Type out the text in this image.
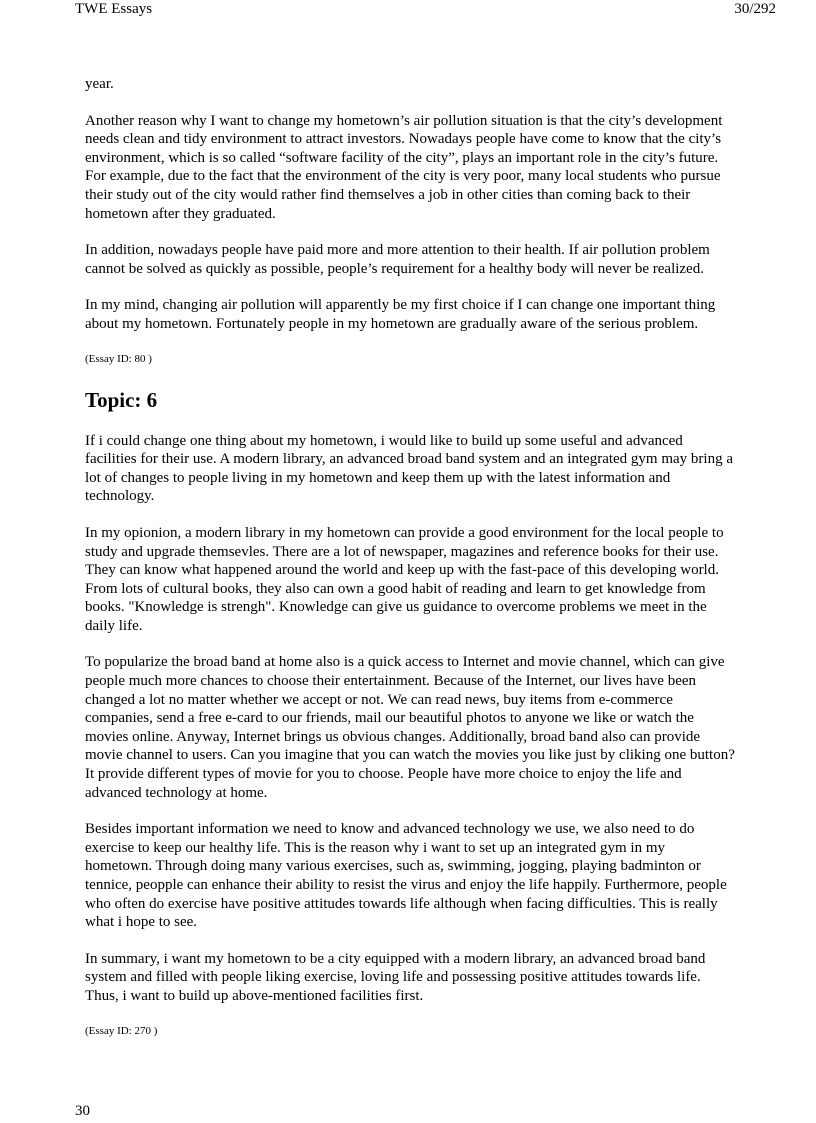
TWE Essays	30/292

year.

Another reason why I want to change my hometown’s air pollution situation is that the city’s development needs clean and tidy environment to attract investors. Nowadays people have come to know that the city’s environment, which is so called “software facility of the city”, plays an important role in the city’s future. For example, due to the fact that the environment of the city is very poor, many local students who pursue their study out of the city would rather find themselves a job in other cities than coming back to their hometown after they graduated.

In addition, nowadays people have paid more and more attention to their health. If air pollution problem cannot be solved as quickly as possible, people’s requirement for a healthy body will never be realized.

In my mind, changing air pollution will apparently be my first choice if I can change one important thing about my hometown. Fortunately people in my hometown are gradually aware of the serious problem.

(Essay ID: 80 )

Topic: 6

If i could change one thing about my hometown, i would like to build up some useful and advanced facilities for their use. A modern library, an advanced broad band system and an integrated gym may bring a lot of changes to people living in my hometown and keep them up with the latest information and technology.

In my opionion, a modern library in my hometown can provide a good environment for the local people to study and upgrade themsevles. There are a lot of newspaper, magazines and reference books for their use. They can know what happened around the world and keep up with the fast-pace of this developing world. From lots of cultural books, they also can own a good habit of reading and learn to get knowledge from books. "Knowledge is strengh". Knowledge can give us guidance to overcome problems we meet in the daily life.

To popularize the broad band at home also is a quick access to Internet and movie channel, which can give people much more chances to choose their entertainment. Because of the Internet, our lives have been changed a lot no matter whether we accept or not. We can read news, buy items from e-commerce companies, send a free e-card to our friends, mail our beautiful photos to anyone we like or watch the movies online. Anyway, Internet brings us obvious changes. Additionally, broad band also can provide movie channel to users. Can you imagine that you can watch the movies you like just by cliking one button? It provide different types of movie for you to choose. People have more choice to enjoy the life and advanced technology at home.

Besides important information we need to know and advanced technology we use, we also need to do exercise to keep our healthy life. This is the reason why i want to set up an integrated gym in my hometown. Through doing many various exercises, such as, swimming, jogging, playing badminton or tennice, peopple can enhance their ability to resist the virus and enjoy the life happily. Furthermore, people who often do exercise have positive attitudes towards life although when facing difficulties. This is really what i hope to see.

In summary, i want my hometown to be a city equipped with a modern library, an advanced broad band system and filled with people liking exercise, loving life and possessing positive attitudes towards life. Thus, i want to build up above-mentioned facilities first.

(Essay ID: 270 )

30
